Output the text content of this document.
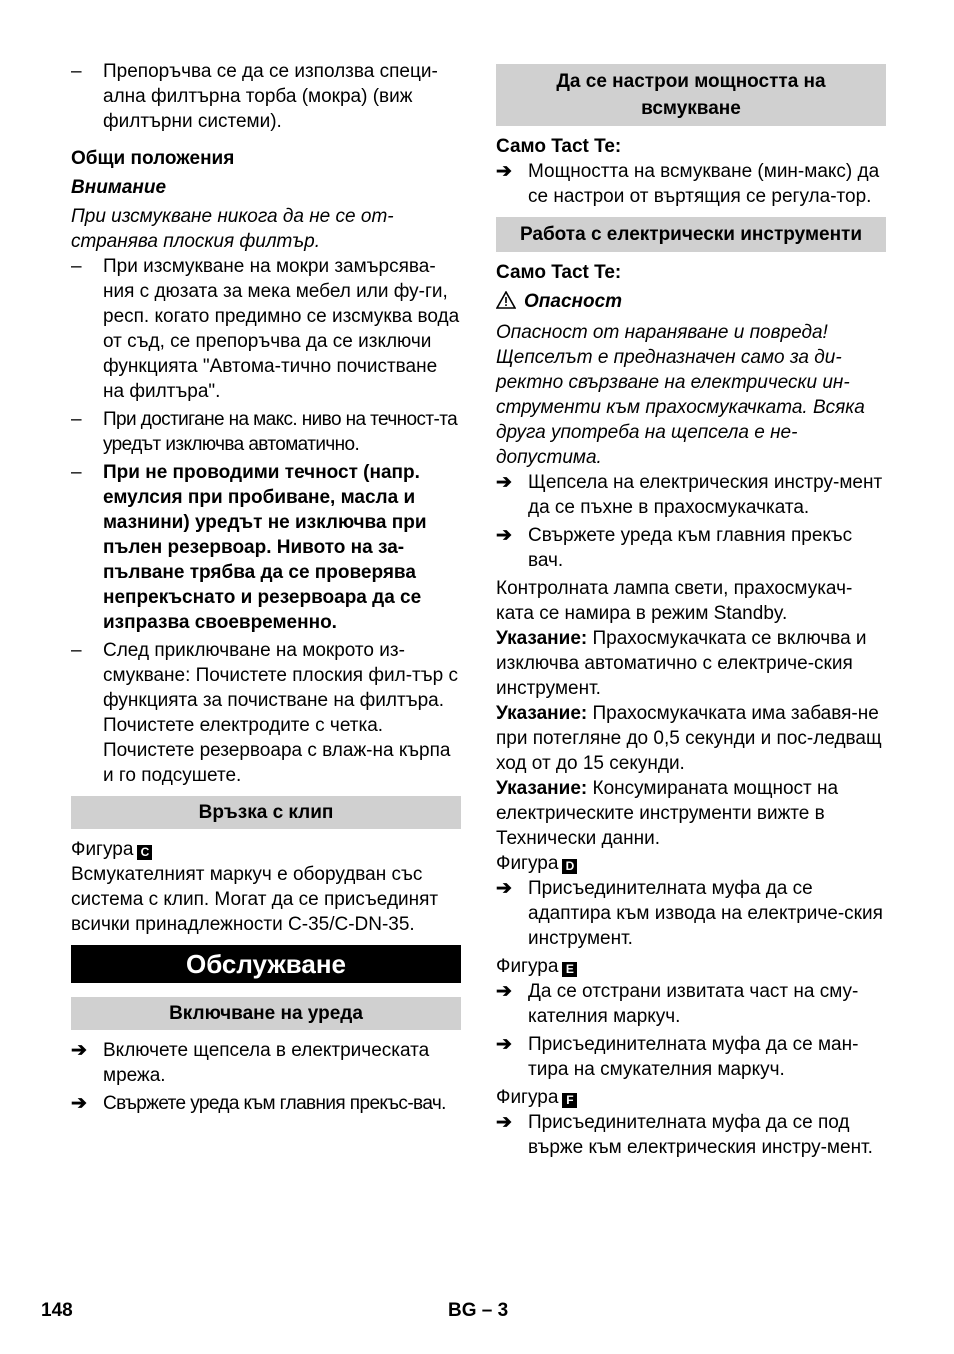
–	Препоръчва се да се използва специ-ална филтърна торба (мокра) (виж филтърни системи).
Общи положения
Внимание
При изсмукване никога да не се от-странява плоския филтър.
–	При изсмукване на мокри замърсява-ния с дюзата за мека мебел или фу-ги, респ. когато предимно се изсмуква вода от съд, се препоръчва да се изключи функцията "Автома-тично почистване на филтъра".
–	При достигане на макс. ниво на течност-та уредът изключва автоматично.
–	При не проводими течност (напр. емулсия при пробиване, масла и мазнини) уредът не изключва при пълен резервоар. Нивото на за-пълване трябва да се проверява непрекъснато и резервоара да се изпразва своевременно.
–	След приключване на мокрото из-смукване: Почистете плоския фил-тър с функцията за почистване на филтъра. Почистете електродите с четка. Почистете резервоара с влаж-на кърпа и го подсушете.
Връзка с клип
Фигура C
Всмукателният маркуч е оборудван със система с клип. Могат да се присъединят всички принадлежности C-35/C-DN-35.
Обслужване
Включване на уреда
➔ Включете щепсела в електрическата мрежа.
➔ Свържете уреда към главния прекъс-вач.
Да се настрои мощността на всмукване
Само Tact Te:
➔ Мощността на всмукване (мин-макс) да се настрои от въртящия се регула-тор.
Работа с електрически инструменти
Само Tact Te:
Опасност
Опасност от нараняване и повреда! Щепселът е предназначен само за ди-ректно свързване на електрически ин-струменти към прахосмукачката. Всяка друга употреба на щепсела е не-допустима.
➔ Щепсела на електрическия инстру-мент да се пъхне в прахосмукачката.
➔ Свържете уреда към главния прекъс вач.
Контролната лампа свети, прахосмукач-ката се намира в режим Standby.
Указание: Прахосмукачката се включва и изключва автоматично с електриче-ския инструмент.
Указание: Прахосмукачката има забавя-не при потегляне до 0,5 секунди и пос-ледващ ход от до 15 секунди.
Указание: Консумираната мощност на електрическите инструменти вижте в Технически данни.
Фигура D
➔ Присъединителната муфа да се адаптира към извода на електриче-ския инструмент.
Фигура E
➔ Да се отстрани извитата част на сму-кателния маркуч.
➔ Присъединителната муфа да се ман-тира на смукателния маркуч.
Фигура F
➔ Присъединителната муфа да се под върже към електрическия инстру-мент.
148	BG – 3
